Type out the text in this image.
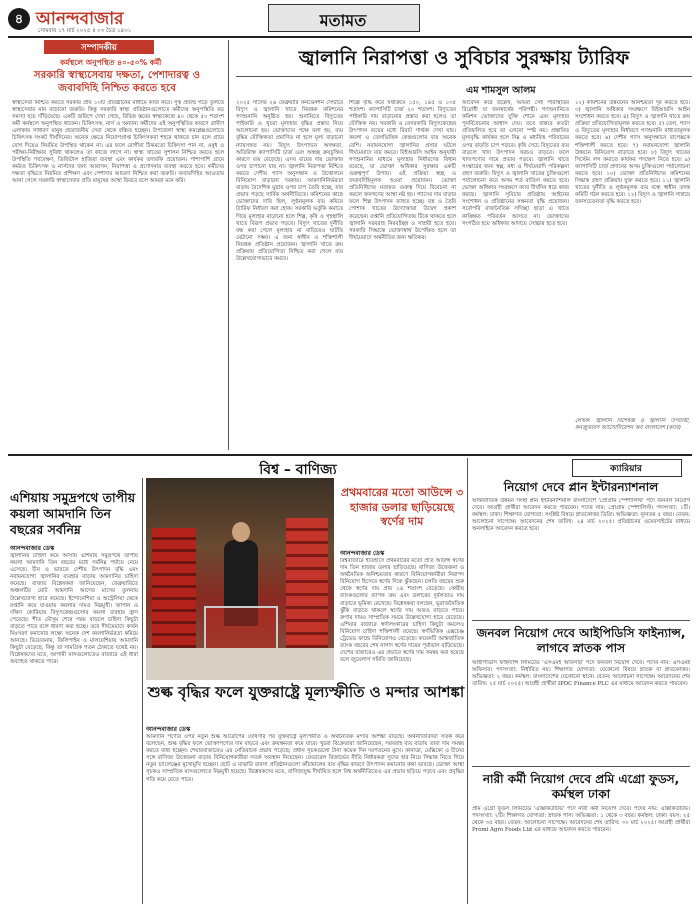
৪ আনন্দবাজার
সোমবার ১৭ মার্চ ২০২৫ ॥ ০৩ চৈত্র ১৪৩১
মতামত
সম্পাদকীয়
কর্মস্থলে অনুপস্থিত ৪০-৫০% কর্মী
সরকারি স্বাস্থ্যসেবায় দক্ষতা, পেশাদারত্ব ও জবাবদিহি নিশ্চিত করতে হবে
স্বাস্থ্যসেবা নিশ্চিত করতে সরকার প্রায় ১৩টি প্রতিষ্ঠানের মাধ্যমে কাজ করে। সুস্থ প্রজন্ম গড়ে তুলতে স্বাস্থ্যসেবার মান বাড়ানো জরুরি। কিন্তু সরকারি স্বাস্থ্য প্রতিষ্ঠানগুলোতে কর্মীদের অনুপস্থিতি বড় সমস্যা হয়ে দাঁড়িয়েছে। একটি জরিপে দেখা গেছে, বিভিন্ন স্তরের স্বাস্থ্যকেন্দ্রে ৪০ থেকে ৫০ শতাংশ কর্মী কর্মস্থলে অনুপস্থিত থাকেন। চিকিৎসক, নার্স ও অন্যান্য কর্মীদের এই অনুপস্থিতির কারণে গ্রামীণ এলাকার সাধারণ মানুষ প্রয়োজনীয় সেবা থেকে বঞ্চিত হচ্ছেন। উপজেলা স্বাস্থ্য কমপ্লেক্সগুলোতে চিকিৎসক সংকট দীর্ঘদিনের। অনেক ক্ষেত্রে নিয়োগপ্রাপ্ত চিকিৎসকরা শহরে থাকতে চান বলে গ্রামে যোগ দিয়েও নিয়মিত উপস্থিত থাকেন না। এর ফলে রোগীরা ঠিকমতো চিকিৎসা পান না, ওষুধ ও পরীক্ষা-নিরীক্ষার সুবিধা থাকলেও তা কাজে লাগে না। স্বাস্থ্য খাতের সুশাসন নিশ্চিত করতে হলে উপস্থিতি পর্যবেক্ষণ, ডিজিটাল হাজিরা ব্যবস্থা এবং কার্যকর তদারকি প্রয়োজন। পাশাপাশি গ্রামে কর্মরত চিকিৎসক ও নার্সদের জন্য আবাসন, নিরাপত্তা ও প্রণোদনার ব্যবস্থা করতে হবে। কর্মীদের দক্ষতা বৃদ্ধিতে নিয়মিত প্রশিক্ষণ এবং পেশাদার আচরণ নিশ্চিত করা জরুরি। জবাবদিহির আওতায় আনা গেলে সরকারি স্বাস্থ্যসেবার প্রতি মানুষের আস্থা ফিরবে বলে আমরা মনে করি।
জ্বালানি নিরাপত্তা ও সুবিচার সুরক্ষায় ট্যারিফ
এম শামসুল আলম
২০২৫ সালের ২৬ ফেব্রুয়ারি কনভেনশন সেন্টারে বিদ্যুৎ ও জ্বালানি খাতে নিয়ন্ত্রক কমিশনের গণশুনানি অনুষ্ঠিত হয়। শুনানিতে বিদ্যুতের পাইকারি ও খুচরা মূল্যহার বৃদ্ধির প্রস্তাব নিয়ে আলোচনা হয়। ভোক্তাদের পক্ষে বলা হয়, ব্যয় বৃদ্ধির যৌক্তিকতা প্রমাণিত না হলে মূল্য বাড়ানো ন্যায়সঙ্গত নয়। বিদ্যুৎ উৎপাদনে অদক্ষতা, অতিরিক্ত ক্যাপাসিটি চার্জ এবং অস্বচ্ছ ক্রয়চুক্তির কারণে ব্যয় বেড়েছে। এসব ব্যয়ের দায় ভোক্তার ওপর চাপানো যায় না। জ্বালানি নিরাপত্তা নিশ্চিত করতে দেশীয় গ্যাস অনুসন্ধান ও উত্তোলনে বিনিয়োগ বাড়ানো দরকার। আমদানিনির্ভরতা বাড়ায় বৈদেশিক মুদ্রার ওপর চাপ তৈরি হচ্ছে, যার প্রভাব পড়ছে সার্বিক অর্থনীতিতে। কমিশনের কাছে ভোক্তাদের দাবি ছিল, লুণ্ঠনমূলক ব্যয় কমিয়ে ট্যারিফ নির্ধারণ করা হোক। সরকারি ভর্তুকি কমাতে গিয়ে মূল্যহার বাড়ানো হলে শিল্প, কৃষি ও গৃহস্থালি খাতে বিরূপ প্রভাব পড়বে। বিদ্যুৎ খাতের দুর্নীতি বন্ধ করা গেলে মূল্যহার না বাড়িয়েও ঘাটতি মেটানো সম্ভব। এ জন্য স্বাধীন ও শক্তিশালী নিয়ন্ত্রক প্রতিষ্ঠান প্রয়োজন। জ্বালানি খাতে ক্রয় প্রক্রিয়ায় প্রতিযোগিতা নিশ্চিত করা গেলে ব্যয় উল্লেখযোগ্যভাবে কমবে।
শিল্পে বৃদ্ধি করে যথাক্রমে ১৫০, ১৪৫ ও ১৩৫ শতাংশ। ক্যাপাসিটি চার্জ ২০ শতাংশ। বিদ্যুতের পাইকারি দাম বাড়ানোর প্রস্তাব করা হলেও তা যৌক্তিক নয়। সরকারি ও বেসরকারি বিদ্যুৎকেন্দ্রের উৎপাদন ব্যয়ের মধ্যে বিরাট পার্থক্য দেখা যায়। কয়লা ও তেলভিত্তিক কেন্দ্রগুলোর ব্যয় অনেক বেশি। নবায়নযোগ্য জ্বালানির প্রসার ঘটলে দীর্ঘমেয়াদে ব্যয় কমবে। বিইআরসি আইন অনুযায়ী গণশুনানির মাধ্যমে মূল্যহার নির্ধারণের বিধান রয়েছে, যা ভোক্তা অধিকার সুরক্ষার একটি গুরুত্বপূর্ণ উপায়। এই প্রক্রিয়া স্বচ্ছ ও জবাবদিহিমূলক হওয়া প্রয়োজন। ভোক্তা প্রতিনিধিদের মতামত গুরুত্ব দিয়ে বিবেচনা না করলে জনগণের আস্থা নষ্ট হয়। গ্যাসের দাম বাড়ার ফলে শিল্প উৎপাদন ব্যাহত হচ্ছে। বস্ত্র ও তৈরি পোশাক খাতের উদ্যোক্তারা উদ্বেগ প্রকাশ করেছেন। রপ্তানি প্রতিযোগিতায় টিকে থাকতে হলে জ্বালানি সরবরাহ নিরবচ্ছিন্ন ও সাশ্রয়ী হতে হবে। সরকারি সিদ্ধান্তে ভোক্তাস্বার্থ উপেক্ষিত হলে তা দীর্ঘমেয়াদে অর্থনীতির জন্য ক্ষতিকর।
আবেদন করে উল্লেখ, আমরা সেই পরিস্থিতির বিরোধী যা জনস্বার্থের পরিপন্থী। গণশুনানিতে কমিশন ভোক্তাদের যুক্তি শোনে এবং মূল্যহার পুনর্বিবেচনার আশ্বাস দেয়। তবে বাস্তবে কতটা প্রতিফলিত হবে তা এখনো স্পষ্ট নয়। প্রস্তাবিত মূল্যবৃদ্ধি কার্যকর হলে নিম্ন ও মধ্যবিত্ত পরিবারের ওপর বাড়তি চাপ পড়বে। কৃষি সেচে বিদ্যুতের ব্যয় বাড়লে খাদ্য উৎপাদন খরচও বাড়বে। ফলে খাদ্যপণ্যের দামে প্রভাব পড়বে। জ্বালানি খাতে সংস্কারের জন্য স্বল্প, মধ্য ও দীর্ঘমেয়াদি পরিকল্পনা গ্রহণ জরুরি। বিদ্যুৎ ও জ্বালানি খাতের চুক্তিগুলো পর্যালোচনা করে অসম শর্ত বাতিল করতে হবে। ভোক্তা অধিকার সংরক্ষণে ক্যাব দীর্ঘদিন ধরে কাজ করছে। জ্বালানি সুবিচার প্রতিষ্ঠায় আইনের সংশোধন ও প্রতিষ্ঠানের সক্ষমতা বৃদ্ধি প্রয়োজন। সর্বোপরি রাজনৈতিক সদিচ্ছা ছাড়া এ খাতে কাঙ্ক্ষিত পরিবর্তন আসবে না। ভোক্তাদের সংগঠিত হয়ে অধিকার আদায়ে সোচ্চার হতে হবে।
১২) কমিশনের উন্নয়নের অনিশ্চয়তা দূর করতে হবে। ৩) জ্বালানি অধিকার সংরক্ষণে বিইআরসি আইন সংশোধন করতে হবে। ৪) বিদ্যুৎ ও জ্বালানি খাতে ক্রয় প্রক্রিয়া প্রতিযোগিতামূলক করতে হবে। ৫) তেল, গ্যাস ও বিদ্যুতের মূল্যহার নির্ধারণে গণশুনানি বাধ্যতামূলক করতে হবে। ৬) দেশীয় গ্যাস অনুসন্ধানে বাপেক্সকে শক্তিশালী করতে হবে। ৭) নবায়নযোগ্য জ্বালানি উন্নয়নে বিনিয়োগ বাড়াতে হবে। ৮) বিদ্যুৎ খাতের সিস্টেম লস কমাতে কার্যকর পদক্ষেপ নিতে হবে। ৯) ক্যাপাসিটি চার্জ প্রদানের অসম চুক্তিগুলো পর্যালোচনা করতে হবে। ১০) ভোক্তা প্রতিনিধিদের কমিশনের সিদ্ধান্ত গ্রহণ প্রক্রিয়ায় যুক্ত করতে হবে। ১১) জ্বালানি খাতের দুর্নীতি ও লুণ্ঠনমূলক ব্যয় বন্ধে স্বাধীন তদন্ত কমিটি গঠন করতে হবে। ১২) বিদ্যুৎ ও জ্বালানি সাশ্রয়ে জনসচেতনতা বৃদ্ধি করতে হবে।
লেখক: জ্বালানি বিশেষজ্ঞ ও জ্বালানি উপদেষ্টা, কনজ্যুমারস অ্যাসোসিয়েশন অব বাংলাদেশ (ক্যাব)
বিশ্ব – বাণিজ্য	ক্যারিয়ার
এশিয়ায় সমুদ্রপথে তাপীয় কয়লা আমদানি তিন বছরের সর্বনিম্ন
আনন্দবাজার ডেস্ক
জ্বালানির চাহিদা কমে আসায় এশিয়ায় সমুদ্রপথে তাপীয় কয়লা আমদানি তিন বছরের মধ্যে সর্বনিম্ন পর্যায়ে নেমে এসেছে। চীন ও ভারতে দেশীয় উৎপাদন বৃদ্ধি এবং নবায়নযোগ্য জ্বালানির ব্যবহার বাড়ায় আমদানির চাহিদা কমেছে। বাজার বিশ্লেষকরা জানিয়েছেন, ফেব্রুয়ারিতে অঞ্চলটির মোট আমদানি আগের মাসের তুলনায় উল্লেখযোগ্য হারে কমেছে। ইন্দোনেশিয়া ও অস্ট্রেলিয়া থেকে রপ্তানি কমে যাওয়ায় কয়লার দামও নিম্নমুখী। জাপান ও দক্ষিণ কোরিয়ায় বিদ্যুৎকেন্দ্রগুলোর কয়লা ব্যবহার হ্রাস পেয়েছে। শীত মৌসুম শেষে গরম বাড়লে চাহিদা কিছুটা বাড়তে পারে বলে ধারণা করা হচ্ছে। তবে দীর্ঘমেয়াদে কার্বন নিঃসরণ কমানোর লক্ষ্যে অনেক দেশ কয়লানির্ভরতা কমিয়ে আনছে। ভিয়েতনাম, ফিলিপাইন ও মালয়েশিয়ায় আমদানি কিছুটা বেড়েছে, কিন্তু তা সামগ্রিক পতন ঠেকাতে যথেষ্ট নয়। বিশ্লেষকদের মতে, আগামী মাসগুলোতেও বাজারে এই ধারা অব্যাহত থাকতে পারে।
শুল্ক বৃদ্ধির ফলে যুক্তরাষ্ট্রে মূল্যস্ফীতি ও মন্দার আশঙ্কা
আনন্দবাজার ডেস্ক
আমদানি পণ্যের ওপর নতুন শুল্ক আরোপের ঘোষণার পর যুক্তরাষ্ট্রে মূল্যস্ফীতি ও অর্থনৈতিক মন্দার আশঙ্কা বাড়ছে। অর্থনীতিবিদরা সতর্ক করে বলেছেন, শুল্ক বৃদ্ধির ফলে ভোক্তাপণ্যের দাম বাড়বে এবং ক্রয়ক্ষমতা কমে যাবে। খুচরা বিক্রেতারা জানিয়েছেন, সরবরাহ ব্যয় বাড়ায় তারা দাম সমন্বয় করতে বাধ্য হচ্ছেন। শেয়ারবাজারেও এর নেতিবাচক প্রভাব পড়েছে; প্রধান সূচকগুলো টানা কয়েক দিন দরপতনের মুখে। কানাডা, মেক্সিকো ও চীনের সঙ্গে বাণিজ্য উত্তেজনা বাড়ায় বিনিয়োগকারীরা সতর্ক অবস্থান নিয়েছেন। ফেডারেল রিজার্ভের নীতি নির্ধারকরা সুদের হার নিয়ে সিদ্ধান্ত নিতে গিয়ে নতুন চ্যালেঞ্জের মুখোমুখি হচ্ছেন। ছোট ও মাঝারি ব্যবসা প্রতিষ্ঠানগুলো কাঁচামালের ব্যয় বৃদ্ধির কারণে উৎপাদন কমানোর কথা ভাবছে। ভোক্তা আস্থা সূচকও সাম্প্রতিক মাসগুলোতে নিম্নমুখী হয়েছে। বিশ্লেষকদের মতে, বাণিজ্যযুদ্ধ দীর্ঘায়িত হলে বিশ্ব অর্থনীতিতেও এর প্রভাব ছড়িয়ে পড়বে এবং প্রবৃদ্ধির গতি কমে যেতে পারে।
প্রথমবারের মতো আউন্সে ৩ হাজার ডলার ছাড়িয়েছে স্বর্ণের দাম
আনন্দবাজার ডেস্ক
বিশ্ববাজারে ইতিহাসে প্রথমবারের মতো প্রতি আউন্স স্বর্ণের দাম তিন হাজার ডলার ছাড়িয়েছে। বাণিজ্য উত্তেজনা ও অর্থনৈতিক অনিশ্চয়তার কারণে বিনিয়োগকারীরা নিরাপদ বিনিয়োগ হিসেবে স্বর্ণের দিকে ঝুঁকছেন। চলতি বছরের শুরু থেকে স্বর্ণের দাম প্রায় ১৪ শতাংশ বেড়েছে। কেন্দ্রীয় ব্যাংকগুলোর ব্যাপক ক্রয় এবং ডলারের দুর্বলতাও দাম বাড়াতে ভূমিকা রেখেছে। বিশ্লেষকরা বলছেন, ভূরাজনৈতিক ঝুঁকি বাড়তে থাকলে স্বর্ণের দাম আরও বাড়তে পারে। রুপার দামও সাম্প্রতিক সময়ে উল্লেখযোগ্য হারে বেড়েছে। এশিয়ার বাজারে স্বর্ণালংকারের চাহিদা কিছুটা কমলেও বিনিয়োগ চাহিদা শক্তিশালী রয়েছে। স্বর্ণভিত্তিক এক্সচেঞ্জ ট্রেডেড ফান্ডে বিনিয়োগও বেড়েছে। কয়েকটি আন্তর্জাতিক ব্যাংক বছরের শেষ নাগাদ স্বর্ণের দামের পূর্বাভাস বাড়িয়েছে। দেশের বাজারেও এর প্রভাবে স্বর্ণের দাম সমন্বয় করা হয়েছে বলে জুয়েলার্স সমিতি জানিয়েছে।
নিয়োগ দেবে প্লান ইন্টারন্যাশনাল
আন্তর্জাতিক উন্নয়ন সংস্থা প্লান ইন্টারন্যাশনাল বাংলাদেশে 'প্রোগ্রাম স্পেশালিস্ট' পদে জনবল নিয়োগ দেবে। আগ্রহী প্রার্থীরা আবেদন করতে পারবেন। পদের নাম: প্রোগ্রাম স্পেশালিস্ট। পদসংখ্যা: ১টি। কর্মস্থল: ঢাকা। শিক্ষাগত যোগ্যতা: সংশ্লিষ্ট বিষয়ে স্নাতকোত্তর ডিগ্রি। অভিজ্ঞতা: ন্যূনতম ৫ বছর। বেতন: আলোচনা সাপেক্ষে। আবেদনের শেষ তারিখ: ২৪ মার্চ ২০২৫। প্রতিষ্ঠানের ওয়েবসাইটের মাধ্যমে অনলাইনে আবেদন করতে হবে।
জনবল নিয়োগ দেবে আইপিডিসি ফাইন্যান্স, লাগবে স্নাতক পাস
আইপিডিসি ফাইন্যান্স লিমিটেড 'এসএমই অফিসার' পদে জনবল নিয়োগ দেবে। পদের নাম: এসএমই অফিসার। পদসংখ্যা: নির্ধারিত নয়। শিক্ষাগত যোগ্যতা: যেকোনো বিষয়ে স্নাতক বা স্নাতকোত্তর। অভিজ্ঞতা: ২ বছর। কর্মস্থল: বাংলাদেশের যেকোনো স্থানে। বেতন: আলোচনা সাপেক্ষে। আবেদনের শেষ তারিখ: ২৫ মার্চ ২০২৫। আগ্রহী প্রার্থীরা IPDC Finance PLC এর মাধ্যমে আবেদন করতে পারবেন।
নারী কর্মী নিয়োগ দেবে প্রমি এগ্রো ফুডস, কর্মস্থল ঢাকা
প্রমি এগ্রো ফুডস লিমিটেড 'এক্সিকিউটিভ' পদে নারী কর্মী নিয়োগ দেবে। পদের নাম: এক্সিকিউটিভ। পদসংখ্যা: ২টি। শিক্ষাগত যোগ্যতা: স্নাতক পাস। অভিজ্ঞতা: ১ থেকে ৩ বছর। কর্মস্থল: ঢাকা। বয়স: ২৫ থেকে ৩৫ বছর। বেতন: আলোচনা সাপেক্ষে। আবেদনের শেষ তারিখ: ৩০ মার্চ ২০২৫। আগ্রহী প্রার্থীরা Promi Agro Foods Ltd এর মাধ্যমে আবেদন করতে পারবেন।
